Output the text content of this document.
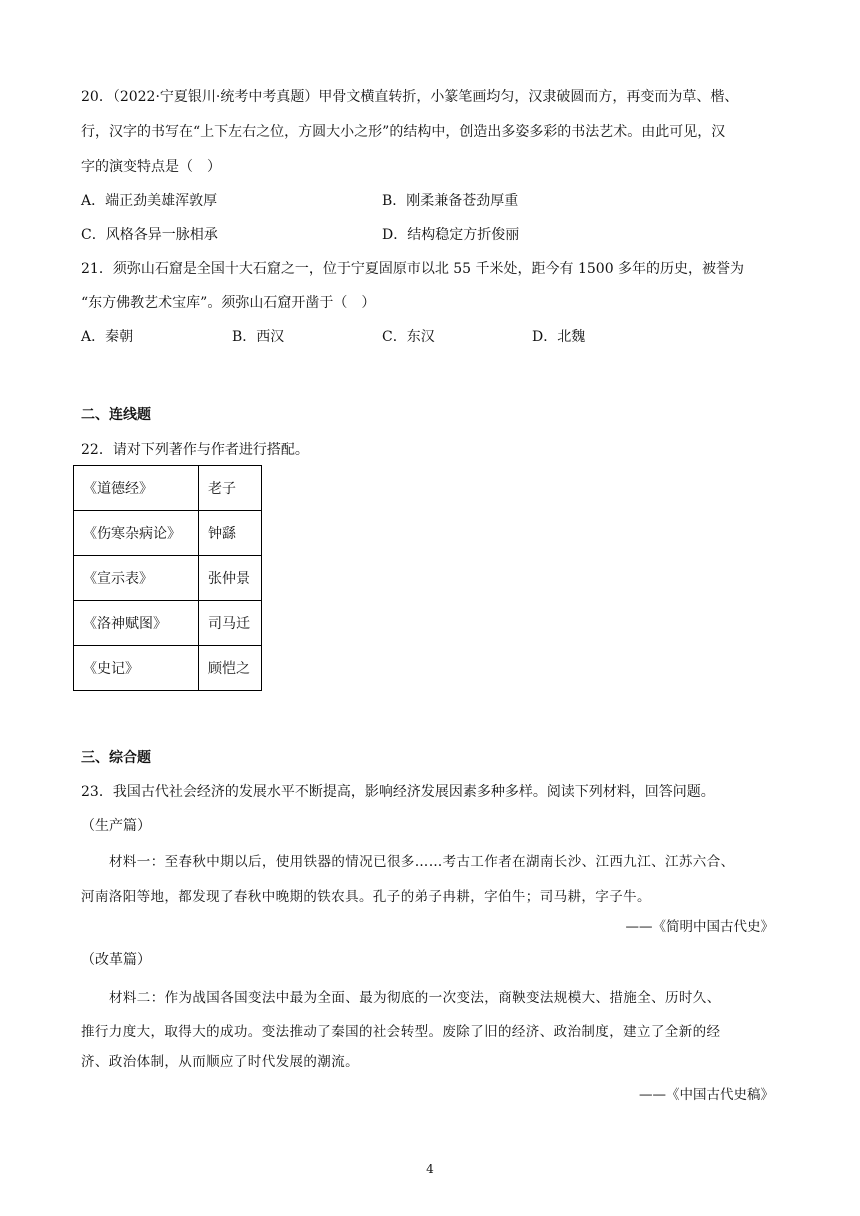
20．（2022·宁夏银川·统考中考真题）甲骨文横直转折，小篆笔画均匀，汉隶破圆而方，再变而为草、楷、
行，汉字的书写在“上下左右之位，方圆大小之形”的结构中，创造出多姿多彩的书法艺术。由此可见，汉
字的演变特点是（　）
A．端正劲美雄浑敦厚	B．刚柔兼备苍劲厚重
C．风格各异一脉相承	D．结构稳定方折俊丽
21．须弥山石窟是全国十大石窟之一，位于宁夏固原市以北 55 千米处，距今有 1500 多年的历史，被誉为
“东方佛教艺术宝库”。须弥山石窟开凿于（　）
A．秦朝	B．西汉	C．东汉	D．北魏
二、连线题
22．请对下列著作与作者进行搭配。
《道德经》	老子
《伤寒杂病论》	钟繇
《宣示表》	张仲景
《洛神赋图》	司马迁
《史记》	顾恺之
三、综合题
23．我国古代社会经济的发展水平不断提高，影响经济发展因素多种多样。阅读下列材料，回答问题。
（生产篇）
材料一：至春秋中期以后，使用铁器的情况已很多……考古工作者在湖南长沙、江西九江、江苏六合、
河南洛阳等地，都发现了春秋中晚期的铁农具。孔子的弟子冉耕，字伯牛；司马耕，字子牛。
——《简明中国古代史》
（改革篇）
材料二：作为战国各国变法中最为全面、最为彻底的一次变法，商鞅变法规模大、措施全、历时久、
推行力度大，取得大的成功。变法推动了秦国的社会转型。废除了旧的经济、政治制度，建立了全新的经
济、政治体制，从而顺应了时代发展的潮流。
——《中国古代史稿》
4
